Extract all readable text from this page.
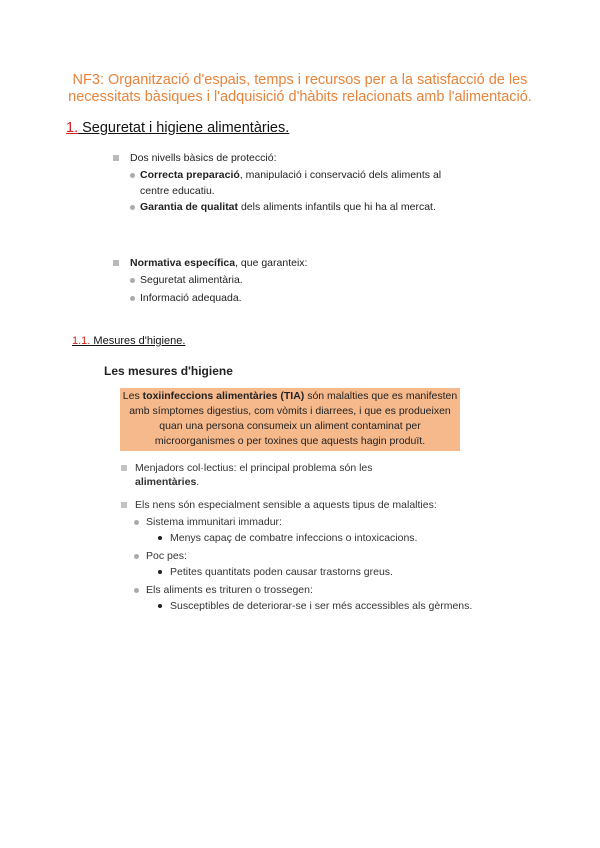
NF3: Organització d'espais, temps i recursos per a la satisfacció de les
necessitats bàsiques i l'adquisició d'hàbits relacionats amb l'alimentació.
1. Seguretat i higiene alimentàries.
Dos nivells bàsics de protecció:
Correcta preparació, manipulació i conservació dels aliments al
centre educatiu.
Garantia de qualitat dels aliments infantils que hi ha al mercat.
Normativa específica, que garanteix:
Seguretat alimentària.
Informació adequada.
1.1. Mesures d'higiene.
Les mesures d'higiene

Les toxiinfeccions alimentàries (TIA) són malalties que es manifesten

amb símptomes digestius, com vòmits i diarrees, i que es produeixen

quan una persona consumeix un aliment contaminat per

microorganismes o per toxines que aquests hagin produït.

Menjadors col·lectius: el principal problema són les
alimentàries.
Els nens són especialment sensible a aquests tipus de malalties:
Sistema immunitari immadur:
Menys capaç de combatre infeccions o intoxicacions.
Poc pes:
Petites quantitats poden causar trastorns greus.
Els aliments es trituren o trossegen:
Susceptibles de deteriorar-se i ser més accessibles als gèrmens.
